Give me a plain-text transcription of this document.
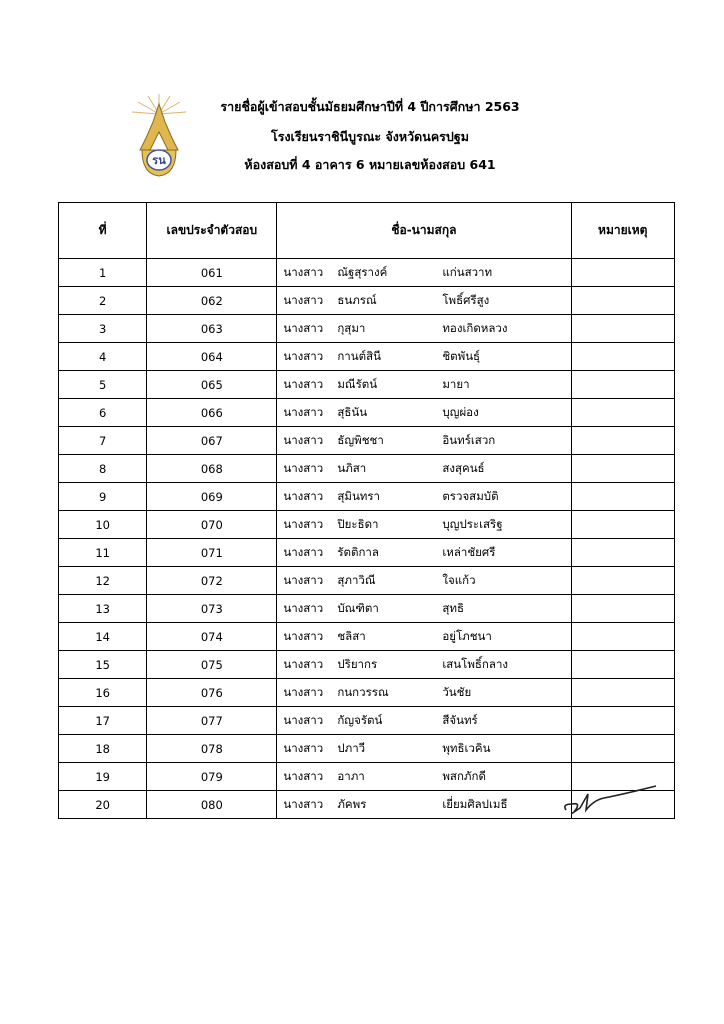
รน
รายชื่อผู้เข้าสอบชั้นมัธยมศึกษาปีที่ 4 ปีการศึกษา 2563
โรงเรียนราชินีบูรณะ จังหวัดนครปฐม
ห้องสอบที่ 4 อาคาร 6 หมายเลขห้องสอบ 641
ที่	เลขประจำตัวสอบ	ชื่อ-นามสกุล	หมายเหตุ
1	061	นางสาว ณัฐสุรางค์ แก่นสวาท	

2	062	นางสาว ธนภรณ์ โพธิ์ศรีสูง	

3	063	นางสาว กุสุมา ทองเกิดหลวง	

4	064	นางสาว กานต์สินี ชิตพันธุ์	

5	065	นางสาว มณีรัตน์ มายา	

6	066	นางสาว สุธินัน บุญผ่อง	

7	067	นางสาว ธัญพิชชา อินทร์เสวก	

8	068	นางสาว นภิสา สงสุคนธ์	

9	069	นางสาว สุมินทรา ตรวจสมบัติ	

10	070	นางสาว ปิยะธิดา บุญประเสริฐ	

11	071	นางสาว รัตติกาล เหล่าชัยศรี	

12	072	นางสาว สุภาวิณี ใจแก้ว	

13	073	นางสาว บัณฑิตา สุทธิ	

14	074	นางสาว ชลิสา อยู่โภชนา	

15	075	นางสาว ปริยากร เสนโพธิ์กลาง	

16	076	นางสาว กนกวรรณ วันชัย	

17	077	นางสาว กัญจรัตน์ สีจันทร์	

18	078	นางสาว ปภาวี พุทธิเวคิน	

19	079	นางสาว อาภา พสกภักดี	

20	080	นางสาว ภัคพร เยี่ยมศิลปเมธี	
